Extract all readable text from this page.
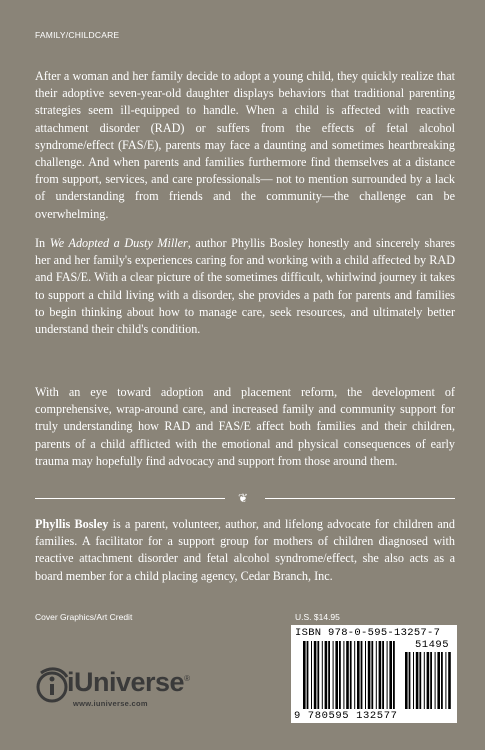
FAMILY/CHILDCARE

After a woman and her family decide to adopt a young child, they quickly realize that their adoptive seven-year-old daughter displays behaviors that traditional parenting strategies seem ill-equipped to handle. When a child is affected with reactive attachment disorder (RAD) or suffers from the effects of fetal alcohol syndrome/effect (FAS/E), parents may face a daunting and sometimes heartbreaking challenge. And when parents and families furthermore find themselves at a distance from support, services, and care professionals— not to mention surrounded by a lack of understanding from friends and the community—the challenge can be overwhelming.

In We Adopted a Dusty Miller, author Phyllis Bosley honestly and sincerely shares her and her family's experiences caring for and working with a child affected by RAD and FAS/E. With a clear picture of the sometimes difficult, whirlwind journey it takes to support a child living with a disorder, she provides a path for parents and families to begin thinking about how to manage care, seek resources, and ultimately better understand their child's condition.

With an eye toward adoption and placement reform, the development of comprehensive, wrap-around care, and increased family and community support for truly understanding how RAD and FAS/E affect both families and their children, parents of a child afflicted with the emotional and physical consequences of early trauma may hopefully find advocacy and support from those around them.

❦

Phyllis Bosley is a parent, volunteer, author, and lifelong advocate for children and families. A facilitator for a support group for mothers of children diagnosed with reactive attachment disorder and fetal alcohol syndrome/effect, she also acts as a board member for a child placing agency, Cedar Branch, Inc.

Cover Graphics/Art Credit	U.S. $14.95
ISBN 978-0-595-13257-7
51495
9 780595 132577
iUniverse®
www.iuniverse.com
